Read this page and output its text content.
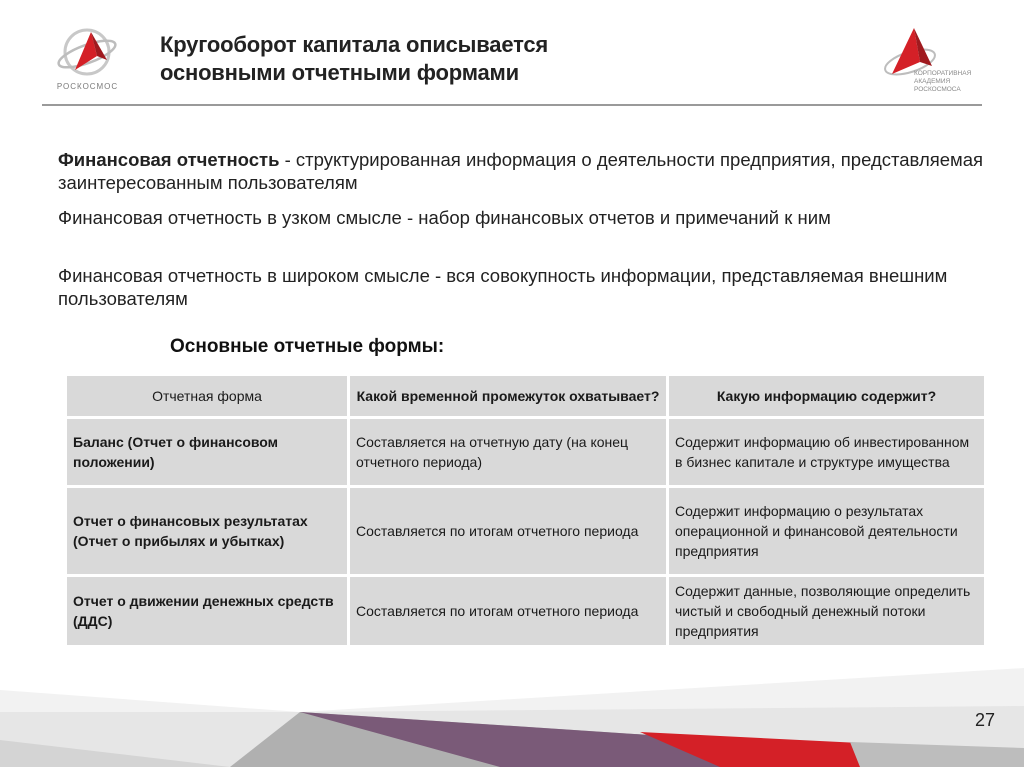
РОСКОСМОС
Кругооборот капитала описывается
основными отчетными формами	КОРПОРАТИВНАЯ
АКАДЕМИЯ
РОСКОСМОСА
Финансовая отчетность - структурированная информация о деятельности предприятия, представляемая заинтересованным пользователям
Финансовая отчетность в узком смысле - набор финансовых отчетов и примечаний к ним
Финансовая отчетность в широком смысле - вся совокупность информации, представляемая внешним пользователям
Основные отчетные формы:
Отчетная форма	Какой временной промежуток охватывает?	Какую информацию содержит?
Баланс (Отчет о финансовом положении)	Составляется на отчетную дату (на конец отчетного периода)	Содержит информацию об инвестированном в бизнес капитале и структуре имущества
Отчет о финансовых результатах (Отчет о прибылях и убытках)	Составляется по итогам отчетного периода	Содержит информацию о результатах операционной и финансовой деятельности предприятия
Отчет о движении денежных средств (ДДС)	Составляется по итогам отчетного периода	Содержит данные, позволяющие определить чистый и свободный денежный потоки предприятия
27
